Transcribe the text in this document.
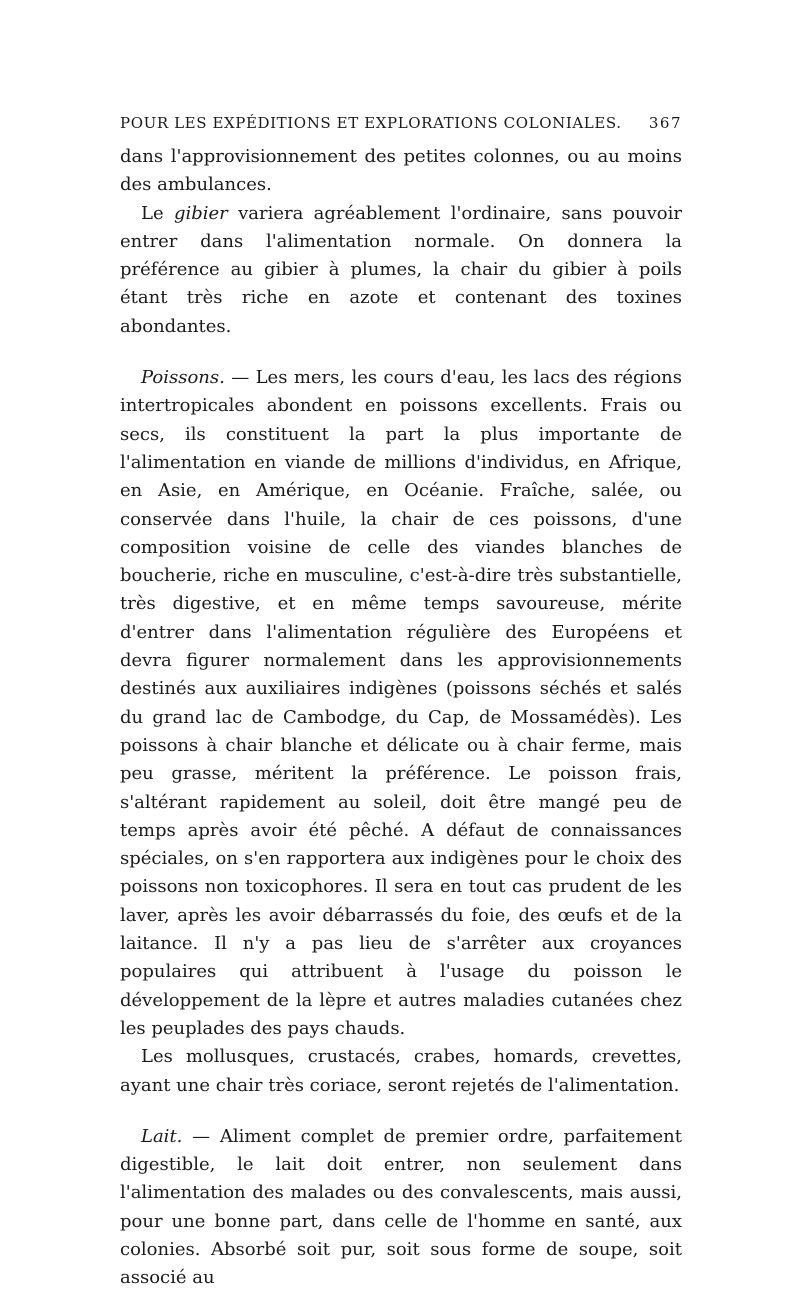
POUR LES EXPÉDITIONS ET EXPLORATIONS COLONIALES. 367

dans l'approvisionnement des petites colonnes, ou au moins des ambulances.

Le gibier variera agréablement l'ordinaire, sans pouvoir entrer dans l'alimentation normale. On donnera la préférence au gibier à plumes, la chair du gibier à poils étant très riche en azote et contenant des toxines abondantes.

Poissons. — Les mers, les cours d'eau, les lacs des régions intertropicales abondent en poissons excellents. Frais ou secs, ils constituent la part la plus importante de l'alimentation en viande de millions d'individus, en Afrique, en Asie, en Amérique, en Océanie. Fraîche, salée, ou conservée dans l'huile, la chair de ces poissons, d'une composition voisine de celle des viandes blanches de boucherie, riche en musculine, c'est-à-dire très substantielle, très digestive, et en même temps savoureuse, mérite d'entrer dans l'alimentation régulière des Européens et devra figurer normalement dans les approvisionnements destinés aux auxiliaires indigènes (poissons séchés et salés du grand lac de Cambodge, du Cap, de Mossamédès). Les poissons à chair blanche et délicate ou à chair ferme, mais peu grasse, méritent la préférence. Le poisson frais, s'altérant rapidement au soleil, doit être mangé peu de temps après avoir été pêché. A défaut de connaissances spéciales, on s'en rapportera aux indigènes pour le choix des poissons non toxicophores. Il sera en tout cas prudent de les laver, après les avoir débarrassés du foie, des œufs et de la laitance. Il n'y a pas lieu de s'arrêter aux croyances populaires qui attribuent à l'usage du poisson le développement de la lèpre et autres maladies cutanées chez les peuplades des pays chauds.

Les mollusques, crustacés, crabes, homards, crevettes, ayant une chair très coriace, seront rejetés de l'alimentation.

Lait. — Aliment complet de premier ordre, parfaitement digestible, le lait doit entrer, non seulement dans l'alimentation des malades ou des convalescents, mais aussi, pour une bonne part, dans celle de l'homme en santé, aux colonies. Absorbé soit pur, soit sous forme de soupe, soit associé au
